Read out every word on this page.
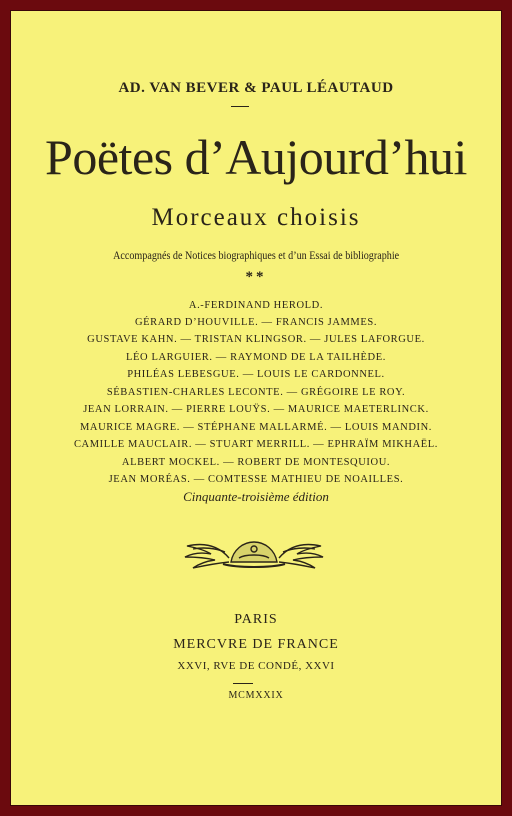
AD. VAN BEVER & PAUL LÉAUTAUD
Poëtes d’Aujourd’hui
Morceaux choisis
Accompagnés de Notices biographiques et d’un Essai de bibliographie
**
A.-FERDINAND HEROLD.
GÉRARD D’HOUVILLE. — FRANCIS JAMMES.
GUSTAVE KAHN. — TRISTAN KLINGSOR. — JULES LAFORGUE.
LÉO LARGUIER. — RAYMOND DE LA TAILHÈDE.
PHILÉAS LEBESGUE. — LOUIS LE CARDONNEL.
SÉBASTIEN-CHARLES LECONTE. — GRÉGOIRE LE ROY.
JEAN LORRAIN. — PIERRE LOUŸS. — MAURICE MAETERLINCK.
MAURICE MAGRE. — STÉPHANE MALLARMÉ. — LOUIS MANDIN.
CAMILLE MAUCLAIR. — STUART MERRILL. — EPHRAÏM MIKHAËL.
ALBERT MOCKEL. — ROBERT DE MONTESQUIOU.
JEAN MORÉAS. — COMTESSE MATHIEU DE NOAILLES.
Cinquante-troisième édition
PARIS
MERCVRE DE FRANCE
XXVI, RVE DE CONDÉ, XXVI
MCMXXIX
